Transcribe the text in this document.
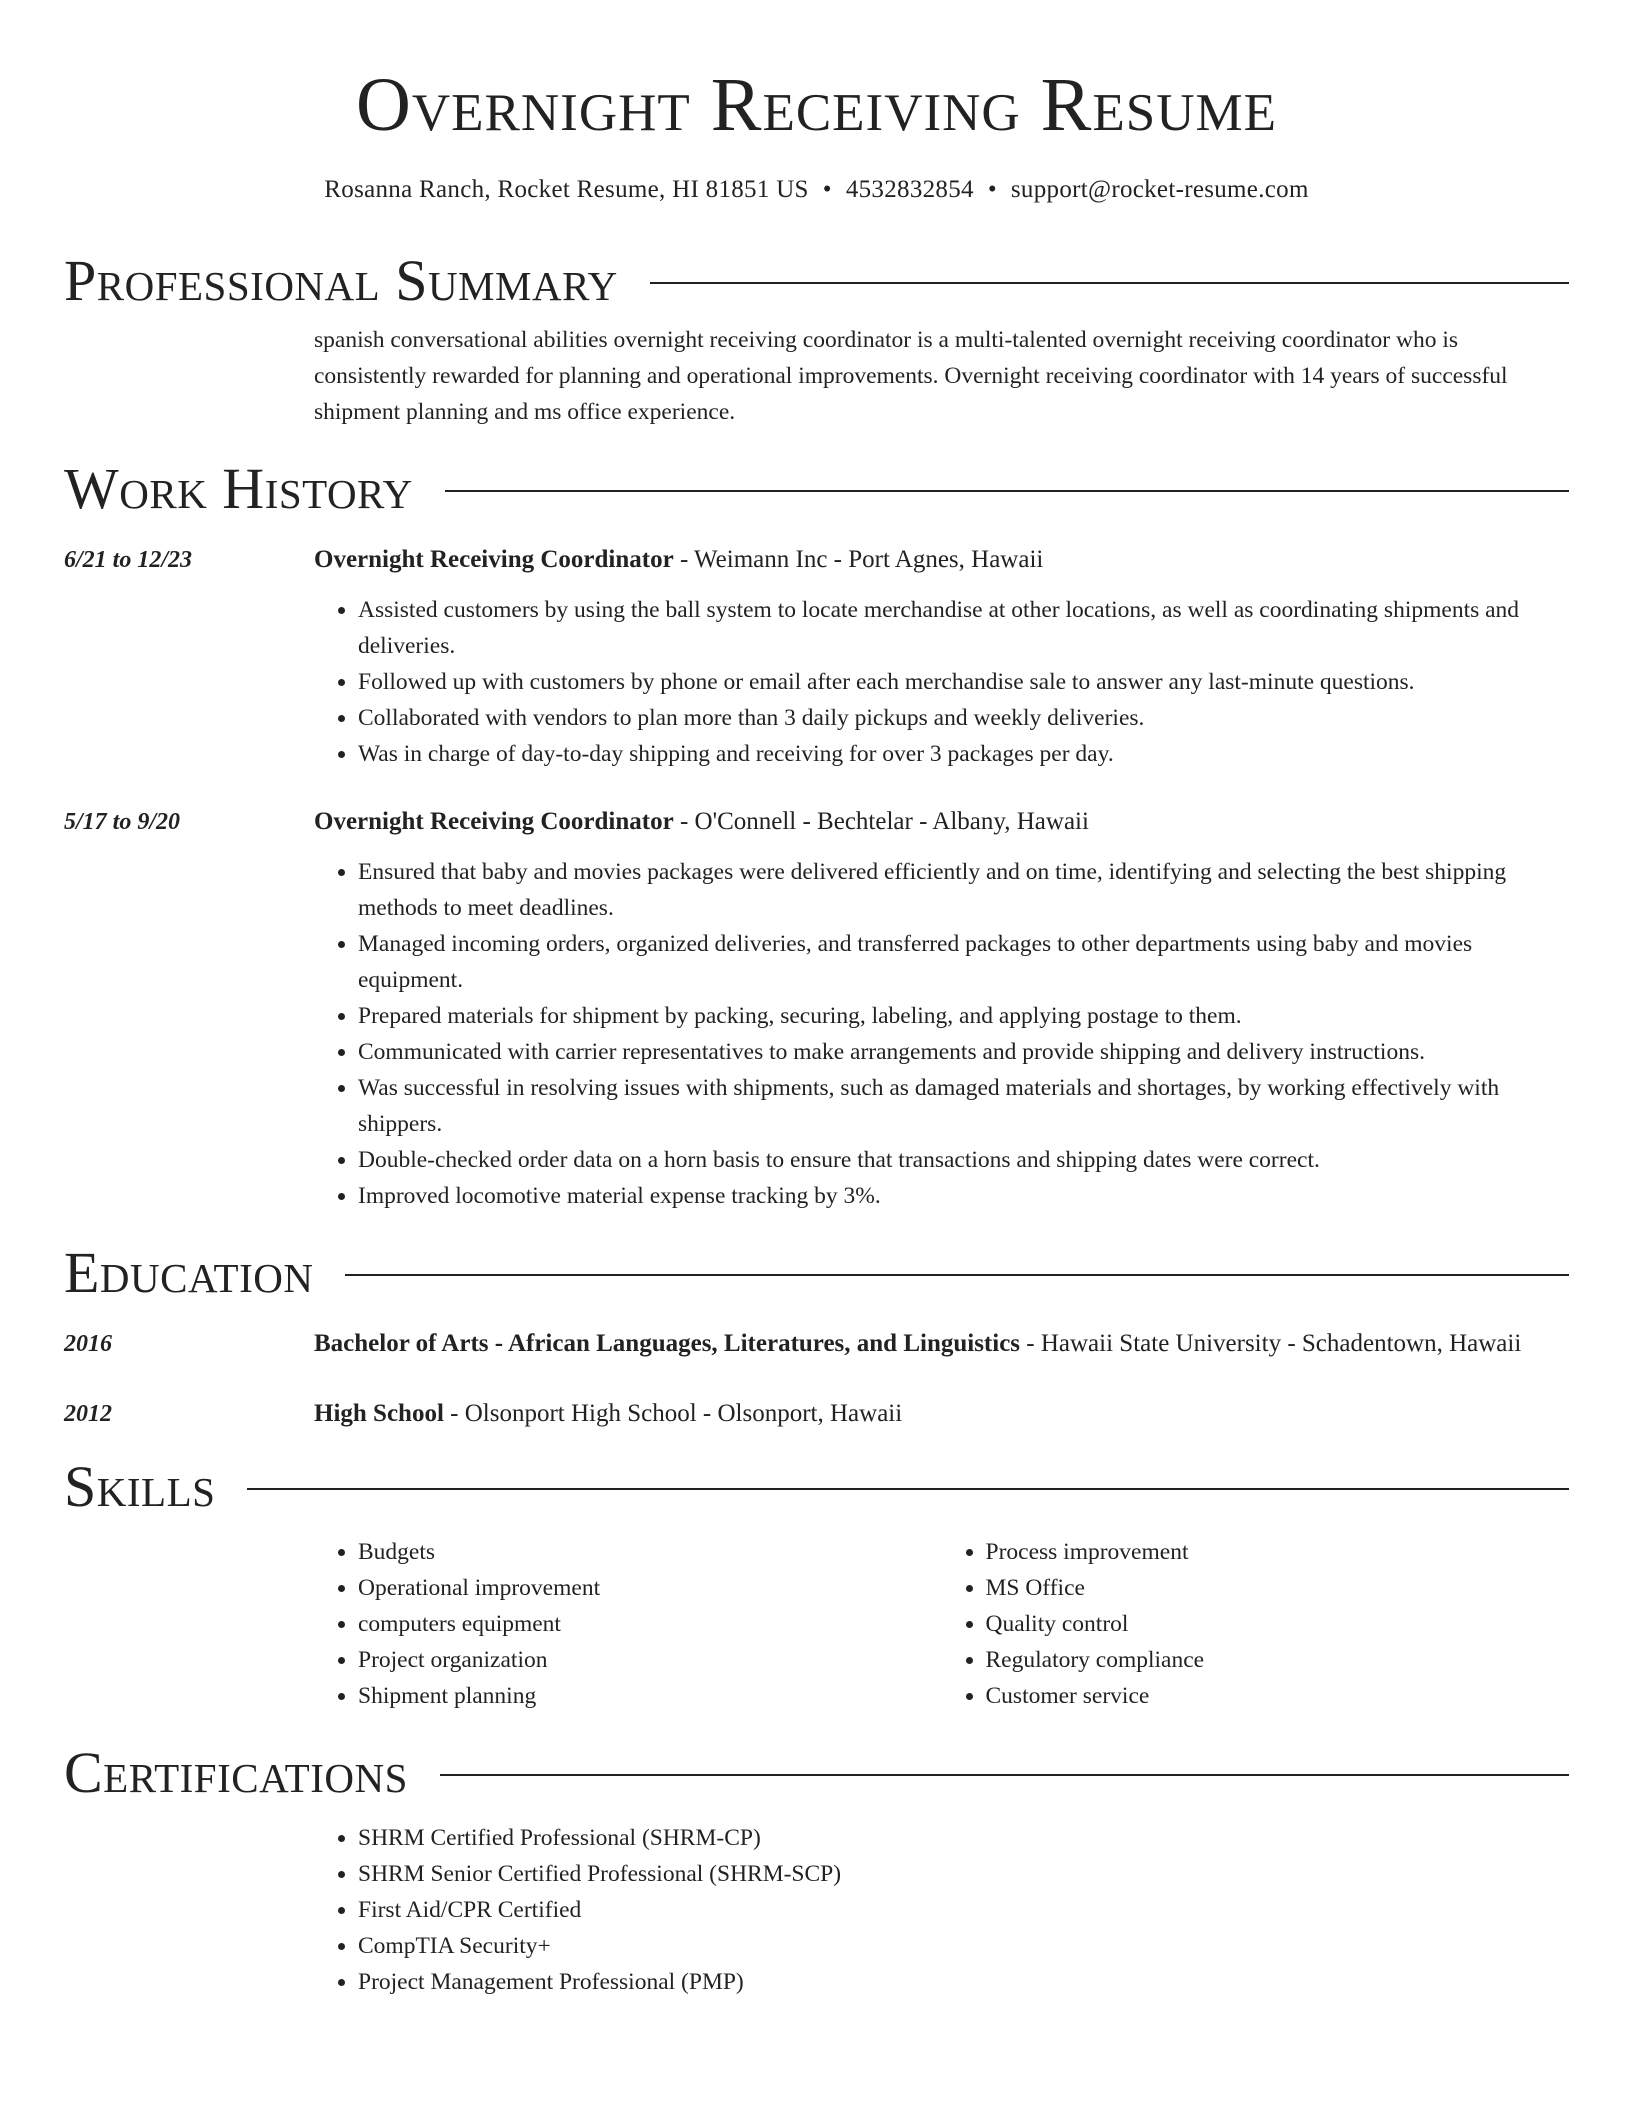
Overnight Receiving Resume
Rosanna Ranch, Rocket Resume, HI 81851 US • 4532832854 • support@rocket-resume.com
Professional Summary
spanish conversational abilities overnight receiving coordinator is a multi-talented overnight receiving coordinator who is consistently rewarded for planning and operational improvements. Overnight receiving coordinator with 14 years of successful shipment planning and ms office experience.
Work History
6/21 to 12/23	Overnight Receiving Coordinator - Weimann Inc - Port Agnes, Hawaii
• Assisted customers by using the ball system to locate merchandise at other locations, as well as coordinating shipments and deliveries.
• Followed up with customers by phone or email after each merchandise sale to answer any last-minute questions.
• Collaborated with vendors to plan more than 3 daily pickups and weekly deliveries.
• Was in charge of day-to-day shipping and receiving for over 3 packages per day.
5/17 to 9/20	Overnight Receiving Coordinator - O'Connell - Bechtelar - Albany, Hawaii
• Ensured that baby and movies packages were delivered efficiently and on time, identifying and selecting the best shipping methods to meet deadlines.
• Managed incoming orders, organized deliveries, and transferred packages to other departments using baby and movies equipment.
• Prepared materials for shipment by packing, securing, labeling, and applying postage to them.
• Communicated with carrier representatives to make arrangements and provide shipping and delivery instructions.
• Was successful in resolving issues with shipments, such as damaged materials and shortages, by working effectively with shippers.
• Double-checked order data on a horn basis to ensure that transactions and shipping dates were correct.
• Improved locomotive material expense tracking by 3%.
Education
2016	Bachelor of Arts - African Languages, Literatures, and Linguistics - Hawaii State University - Schadentown, Hawaii
2012	High School - Olsonport High School - Olsonport, Hawaii
Skills
• Budgets
• Operational improvement
• computers equipment
• Project organization
• Shipment planning
• Process improvement
• MS Office
• Quality control
• Regulatory compliance
• Customer service
Certifications
• SHRM Certified Professional (SHRM-CP)
• SHRM Senior Certified Professional (SHRM-SCP)
• First Aid/CPR Certified
• CompTIA Security+
• Project Management Professional (PMP)
